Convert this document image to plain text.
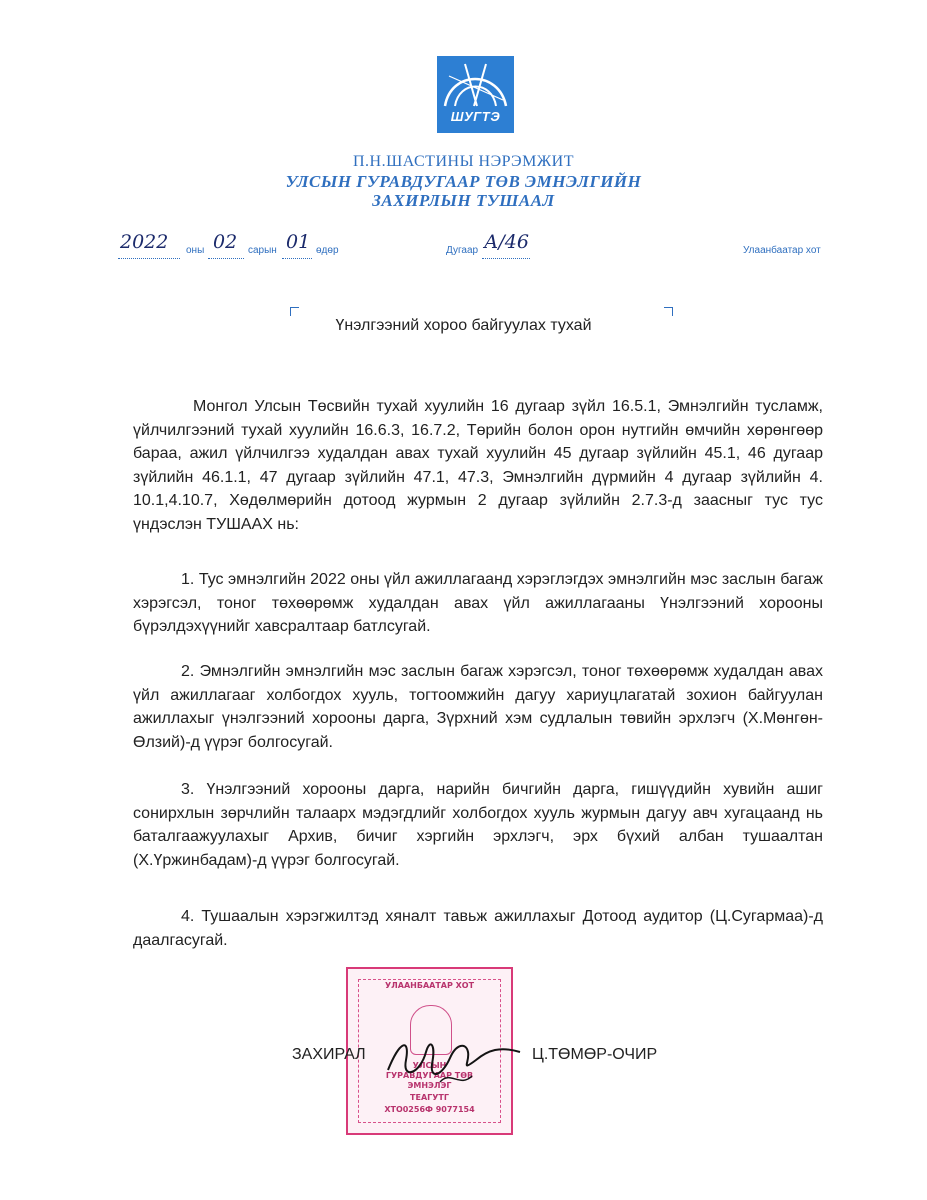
ШУГТЭ
П.Н.ШАСТИНЫ НЭРЭМЖИТ
УЛСЫН ГУРАВДУГААР ТӨВ ЭМНЭЛГИЙН
ЗАХИРЛЫН ТУШААЛ
2022 оны 02 сарын 01 өдөр	Дугаар А/46	Улаанбаатар хот
Үнэлгээний хороо байгуулах тухай

Монгол Улсын Төсвийн тухай хуулийн 16 дугаар зүйл 16.5.1, Эмнэлгийн тусламж, үйлчилгээний тухай хуулийн 16.6.3, 16.7.2, Төрийн болон орон нутгийн өмчийн хөрөнгөөр бараа, ажил үйлчилгээ худалдан авах тухай хуулийн 45 дугаар зүйлийн 45.1, 46 дугаар зүйлийн 46.1.1, 47 дугаар зүйлийн 47.1, 47.3, Эмнэлгийн дүрмийн 4 дугаар зүйлийн 4. 10.1,4.10.7, Хөдөлмөрийн дотоод журмын 2 дугаар зүйлийн 2.7.3-д заасныг тус тус үндэслэн ТУШААХ нь:

1. Тус эмнэлгийн 2022 оны үйл ажиллагаанд хэрэглэгдэх эмнэлгийн мэс заслын багаж хэрэгсэл, тоног төхөөрөмж худалдан авах үйл ажиллагааны Үнэлгээний хорооны бүрэлдэхүүнийг хавсралтаар батлсугай.

2. Эмнэлгийн эмнэлгийн мэс заслын багаж хэрэгсэл, тоног төхөөрөмж худалдан авах үйл ажиллагааг холбогдох хууль, тогтоомжийн дагуу хариуцлагатай зохион байгуулан ажиллахыг үнэлгээний хорооны дарга, Зүрхний хэм судлалын төвийн эрхлэгч (Х.Мөнгөн-Өлзий)-д үүрэг болгосугай.

3. Үнэлгээний хорооны дарга, нарийн бичгийн дарга, гишүүдийн хувийн ашиг сонирхлын зөрчлийн талаарх мэдэгдлийг холбогдох хууль журмын дагуу авч хугацаанд нь баталгаажуулахыг Архив, бичиг хэргийн эрхлэгч, эрх бүхий албан тушаалтан (Х.Үржинбадам)-д үүрэг болгосугай.

4. Тушаалын хэрэгжилтэд хяналт тавьж ажиллахыг Дотоод аудитор (Ц.Сугармаа)-д даалгасугай.

УЛААНБААТАР ХОТ
УЛСЫН
ГУРАВДУГААР ТӨВ
ЭМНЭЛЭГ
ТЕАГУТГ
ХТО0256Ф 9077154
ЗАХИРАЛ	Ц.ТӨМӨР-ОЧИР
